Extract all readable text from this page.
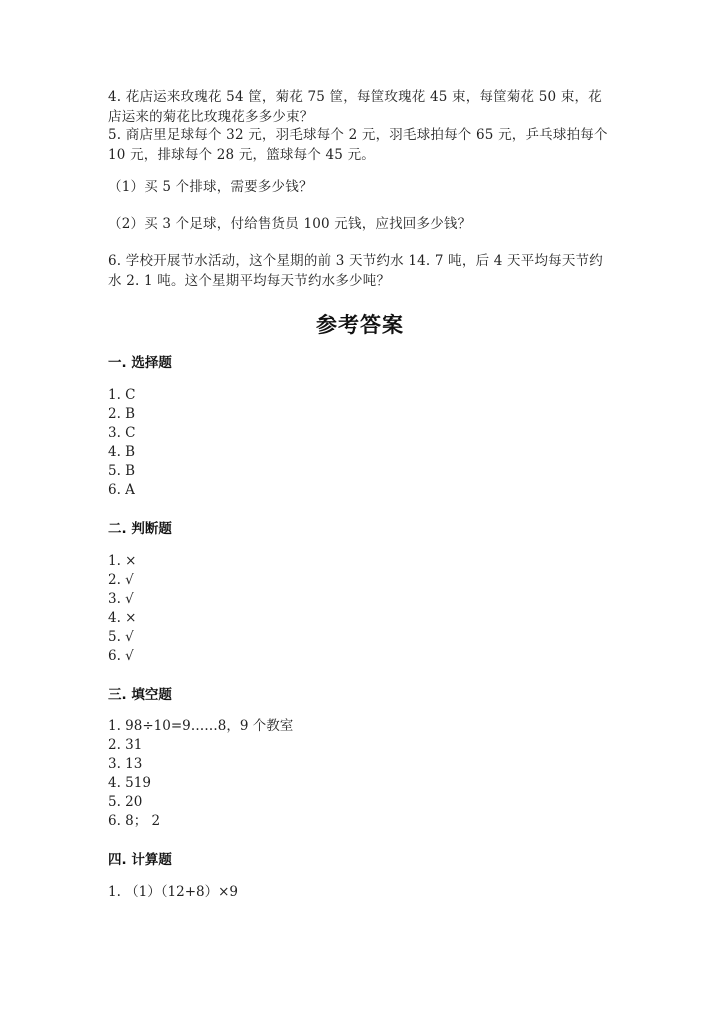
4. 花店运来玫瑰花 54 筐，菊花 75 筐，每筐玫瑰花 45 束，每筐菊花 50 束，花店运来的菊花比玫瑰花多多少束？
5. 商店里足球每个 32 元，羽毛球每个 2 元，羽毛球拍每个 65 元，乒乓球拍每个 10 元，排球每个 28 元，篮球每个 45 元。
（1）买 5 个排球，需要多少钱？
（2）买 3 个足球，付给售货员 100 元钱，应找回多少钱？
6. 学校开展节水活动，这个星期的前 3 天节约水 14. 7 吨，后 4 天平均每天节约水 2. 1 吨。这个星期平均每天节约水多少吨？
参考答案
一. 选择题
1. C
2. B
3. C
4. B
5. B
6. A
二. 判断题
1. ×
2. √
3. √
4. ×
5. √
6. √
三. 填空题
1. 98÷10=9……8，9 个教室
2. 31
3. 13
4. 519
5. 20
6. 8； 2
四. 计算题
1. （1）（12+8）×9
